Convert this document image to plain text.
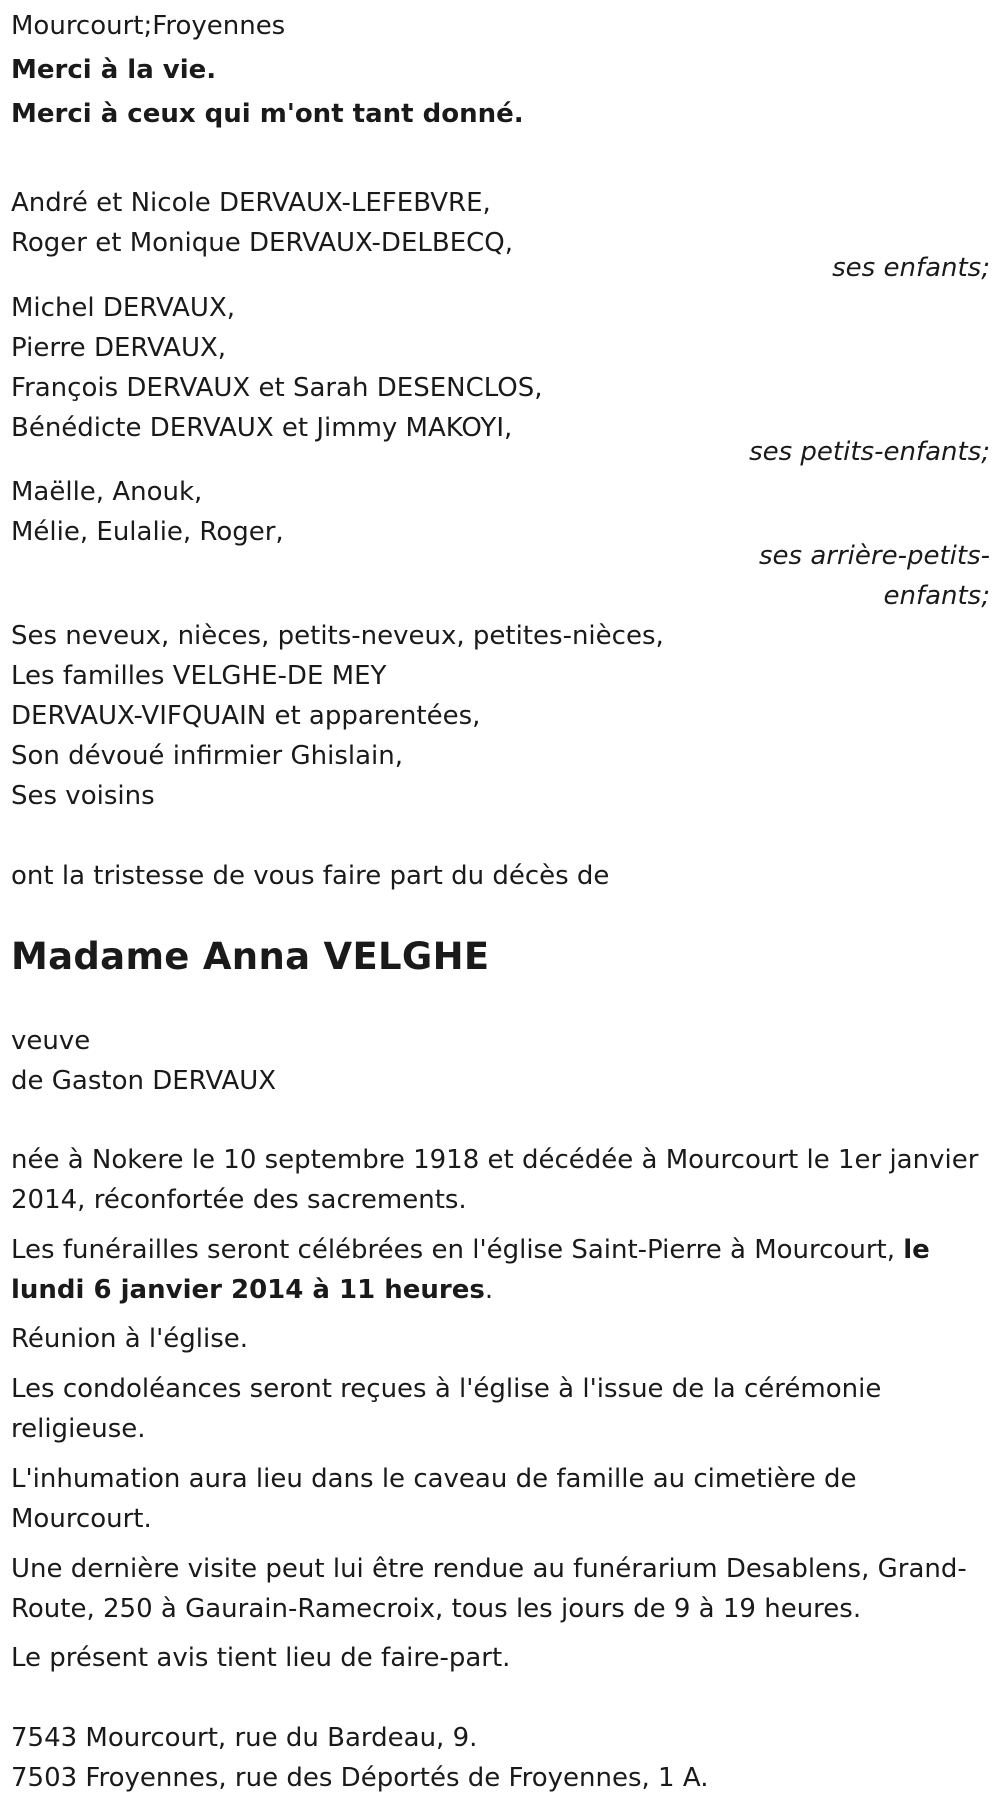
Mourcourt;Froyennes
Merci à la vie.
Merci à ceux qui m'ont tant donné.
André et Nicole DERVAUX-LEFEBVRE,
Roger et Monique DERVAUX-DELBECQ,
ses enfants;
Michel DERVAUX,
Pierre DERVAUX,
François DERVAUX et Sarah DESENCLOS,
Bénédicte DERVAUX et Jimmy MAKOYI,
ses petits-enfants;
Maëlle, Anouk,
Mélie, Eulalie, Roger,
ses arrière-petits-
enfants;
Ses neveux, nièces, petits-neveux, petites-nièces,
Les familles VELGHE-DE MEY
DERVAUX-VIFQUAIN et apparentées,
Son dévoué infirmier Ghislain,
Ses voisins
ont la tristesse de vous faire part du décès de
Madame Anna VELGHE
veuve
de Gaston DERVAUX
née à Nokere le 10 septembre 1918 et décédée à Mourcourt le 1er janvier 2014, réconfortée des sacrements.
Les funérailles seront célébrées en l'église Saint-Pierre à Mourcourt, le lundi 6 janvier 2014 à 11 heures.
Réunion à l'église.
Les condoléances seront reçues à l'église à l'issue de la cérémonie religieuse.
L'inhumation aura lieu dans le caveau de famille au cimetière de Mourcourt.
Une dernière visite peut lui être rendue au funérarium Desablens, Grand-Route, 250 à Gaurain-Ramecroix, tous les jours de 9 à 19 heures.
Le présent avis tient lieu de faire-part.
7543 Mourcourt, rue du Bardeau, 9.
7503 Froyennes, rue des Déportés de Froyennes, 1 A.
